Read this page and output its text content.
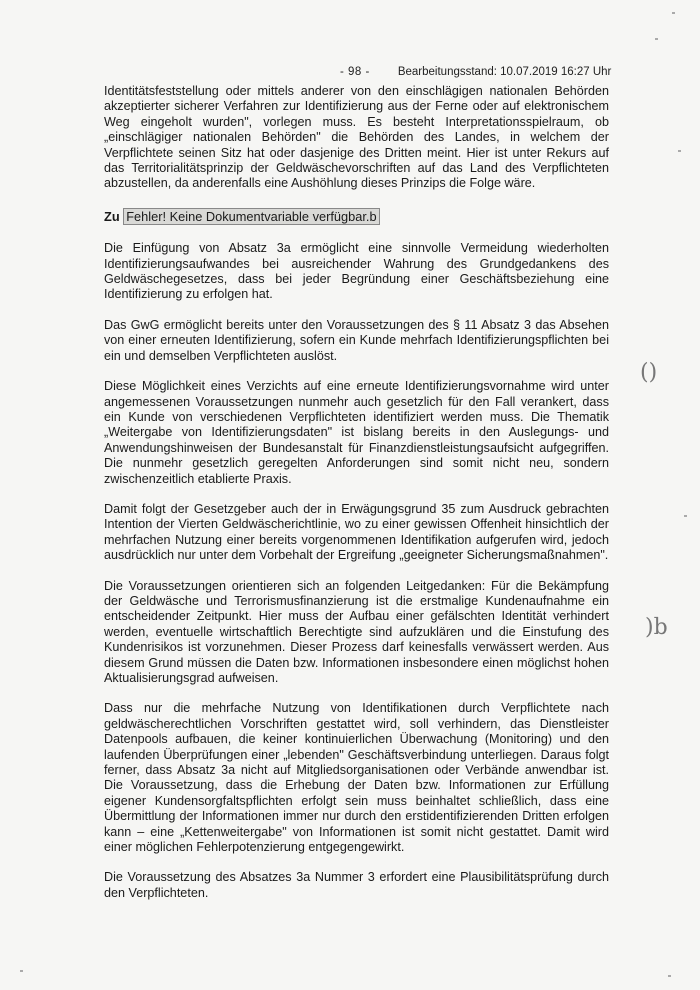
- 98 - Bearbeitungsstand: 10.07.2019 16:27 Uhr

Identitätsfeststellung oder mittels anderer von den einschlägigen nationalen Behörden akzeptierter sicherer Verfahren zur Identifizierung aus der Ferne oder auf elektronischem Weg eingeholt wurden", vorlegen muss. Es besteht Interpretationsspielraum, ob „einschlägiger nationalen Behörden" die Behörden des Landes, in welchem der Verpflichtete seinen Sitz hat oder dasjenige des Dritten meint. Hier ist unter Rekurs auf das Territorialitätsprinzip der Geldwäschevorschriften auf das Land des Verpflichteten abzustellen, da anderenfalls eine Aushöhlung dieses Prinzips die Folge wäre.

Zu Fehler! Keine Dokumentvariable verfügbar.b

Die Einfügung von Absatz 3a ermöglicht eine sinnvolle Vermeidung wiederholten Identifizierungsaufwandes bei ausreichender Wahrung des Grundgedankens des Geldwäschegesetzes, dass bei jeder Begründung einer Geschäftsbeziehung eine Identifizierung zu erfolgen hat.

Das GwG ermöglicht bereits unter den Voraussetzungen des § 11 Absatz 3 das Absehen von einer erneuten Identifizierung, sofern ein Kunde mehrfach Identifizierungspflichten bei ein und demselben Verpflichteten auslöst.

Diese Möglichkeit eines Verzichts auf eine erneute Identifizierungsvornahme wird unter angemessenen Voraussetzungen nunmehr auch gesetzlich für den Fall verankert, dass ein Kunde von verschiedenen Verpflichteten identifiziert werden muss. Die Thematik „Weitergabe von Identifizierungsdaten" ist bislang bereits in den Auslegungs- und Anwendungshinweisen der Bundesanstalt für Finanzdienstleistungsaufsicht aufgegriffen. Die nunmehr gesetzlich geregelten Anforderungen sind somit nicht neu, sondern zwischenzeitlich etablierte Praxis.

Damit folgt der Gesetzgeber auch der in Erwägungsgrund 35 zum Ausdruck gebrachten Intention der Vierten Geldwäscherichtlinie, wo zu einer gewissen Offenheit hinsichtlich der mehrfachen Nutzung einer bereits vorgenommenen Identifikation aufgerufen wird, jedoch ausdrücklich nur unter dem Vorbehalt der Ergreifung „geeigneter Sicherungsmaßnahmen".

Die Voraussetzungen orientieren sich an folgenden Leitgedanken: Für die Bekämpfung der Geldwäsche und Terrorismusfinanzierung ist die erstmalige Kundenaufnahme ein entscheidender Zeitpunkt. Hier muss der Aufbau einer gefälschten Identität verhindert werden, eventuelle wirtschaftlich Berechtigte sind aufzuklären und die Einstufung des Kundenrisikos ist vorzunehmen. Dieser Prozess darf keinesfalls verwässert werden. Aus diesem Grund müssen die Daten bzw. Informationen insbesondere einen möglichst hohen Aktualisierungsgrad aufweisen.

Dass nur die mehrfache Nutzung von Identifikationen durch Verpflichtete nach geldwäscherechtlichen Vorschriften gestattet wird, soll verhindern, das Dienstleister Datenpools aufbauen, die keiner kontinuierlichen Überwachung (Monitoring) und den laufenden Überprüfungen einer „lebenden" Geschäftsverbindung unterliegen. Daraus folgt ferner, dass Absatz 3a nicht auf Mitgliedsorganisationen oder Verbände anwendbar ist. Die Voraussetzung, dass die Erhebung der Daten bzw. Informationen zur Erfüllung eigener Kundensorgfaltspflichten erfolgt sein muss beinhaltet schließlich, dass eine Übermittlung der Informationen immer nur durch den erstidentifizierenden Dritten erfolgen kann – eine „Kettenweitergabe" von Informationen ist somit nicht gestattet. Damit wird einer möglichen Fehlerpotenzierung entgegengewirkt.

Die Voraussetzung des Absatzes 3a Nummer 3 erfordert eine Plausibilitätsprüfung durch den Verpflichteten.

()
)b
